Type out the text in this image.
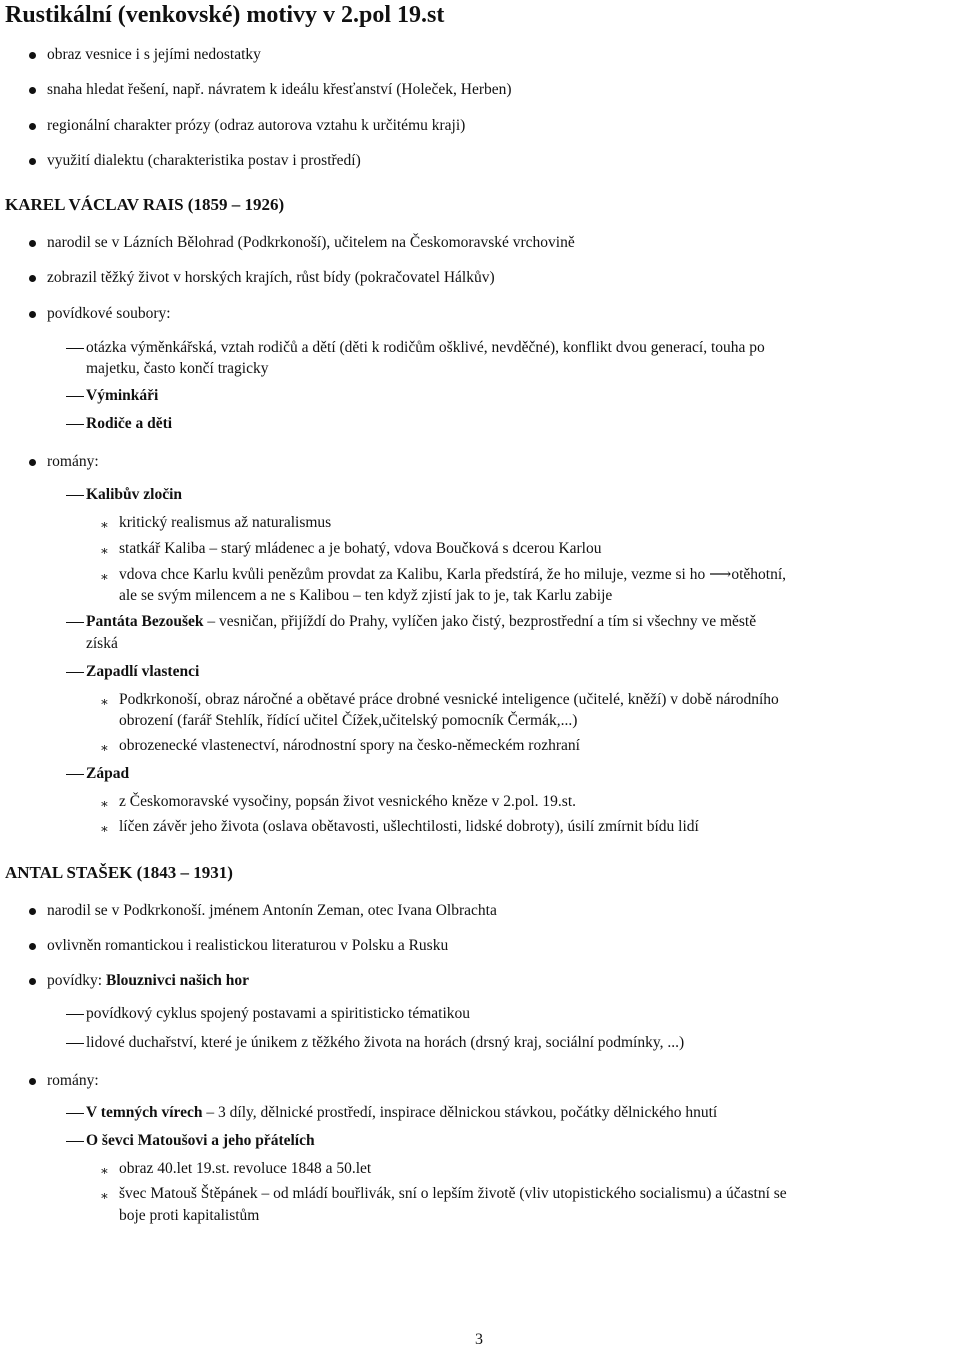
Rustikální (venkovské) motivy v 2.pol 19.st
obraz vesnice i s jejími nedostatky
snaha hledat řešení, např. návratem k ideálu křesťanství (Holeček, Herben)
regionální charakter prózy (odraz autorova vztahu k určitému kraji)
využití dialektu (charakteristika postav i prostředí)
KAREL VÁCLAV RAIS (1859 – 1926)
narodil se v Lázních Bělohrad (Podkrkonoší), učitelem na Českomoravské vrchovině
zobrazil těžký život v horských krajích, růst bídy (pokračovatel Hálkův)
povídkové soubory:
otázka výměnkářská, vztah rodičů a dětí (děti k rodičům ošklivé, nevděčné), konflikt dvou generací, touha po
majetku, často končí tragicky
Výminkáři
Rodiče a děti
romány:
Kalibův zločin
∗ kritický realismus až naturalismus
∗ statkář Kaliba – starý mládenec a je bohatý, vdova Boučková s dcerou Karlou
∗ vdova chce Karlu kvůli penězům provdat za Kalibu, Karla předstírá, že ho miluje, vezme si ho ⟶otěhotní,
ale se svým milencem a ne s Kalibou – ten když zjistí jak to je, tak Karlu zabije
Pantáta Bezoušek – vesničan, přijíždí do Prahy, vylíčen jako čistý, bezprostřední a tím si všechny ve městě
získá
Zapadlí vlastenci
∗ Podkrkonoší, obraz náročné a obětavé práce drobné vesnické inteligence (učitelé, kněží) v době národního
obrození (farář Stehlík, řídící učitel Čížek,učitelský pomocník Čermák,...)
∗ obrozenecké vlastenectví, národnostní spory na česko-německém rozhraní
Západ
∗ z Českomoravské vysočiny, popsán život vesnického kněze v 2.pol. 19.st.
∗ líčen závěr jeho života (oslava obětavosti, ušlechtilosti, lidské dobroty), úsilí zmírnit bídu lidí
ANTAL STAŠEK (1843 – 1931)
narodil se v Podkrkonoší. jménem Antonín Zeman, otec Ivana Olbrachta
ovlivněn romantickou i realistickou literaturou v Polsku a Rusku
povídky: Blouznivci našich hor
povídkový cyklus spojený postavami a spiritisticko tématikou
lidové duchařství, které je únikem z těžkého života na horách (drsný kraj, sociální podmínky, ...)
romány:
V temných vírech – 3 díly, dělnické prostředí, inspirace dělnickou stávkou, počátky dělnického hnutí
O ševci Matoušovi a jeho přátelích
∗ obraz 40.let 19.st. revoluce 1848 a 50.let
∗ švec Matouš Štěpánek – od mládí bouřlivák, sní o lepším životě (vliv utopistického socialismu) a účastní se
boje proti kapitalistům
3
